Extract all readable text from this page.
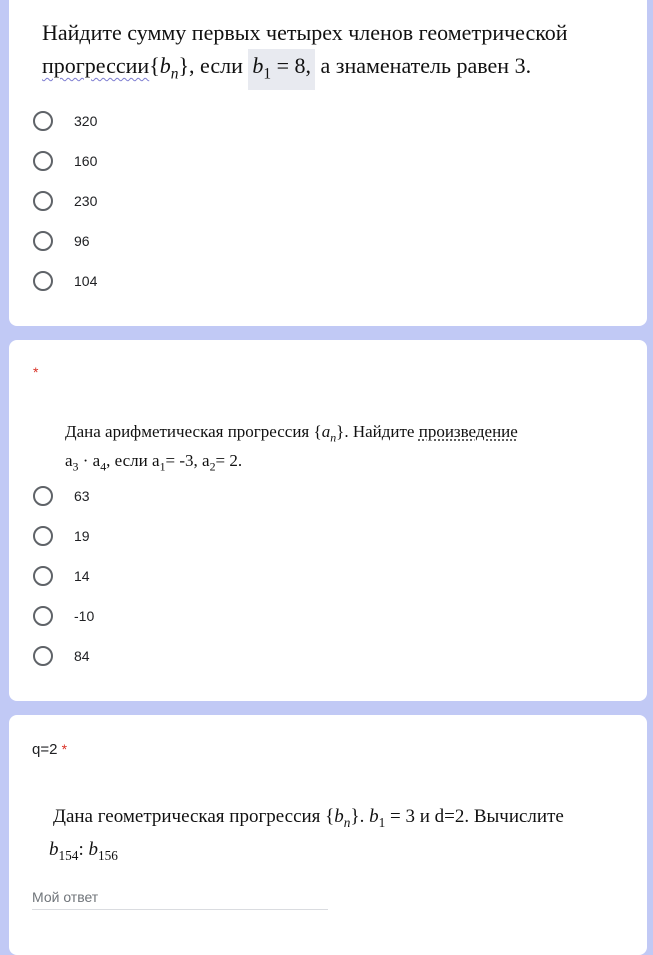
Найдите сумму первых четырех членов геометрической
$прогрессии\{b_n\}$, если $b_1 = 8$, а знаменатель равен 3.
320
160
230
96
104
*
Дана арифметическая прогрессия $\{a_n\}$. Найдите произведение
$a_3 \cdot a_4$, если $a_1= -3$, $a_2= 2$.
63
19
14
-10
84
q=2 *
Дана геометрическая прогрессия $\{b_n\}$. $b_1 = 3$ и d=2. Вычислите
$b_{154}$: $b_{156}$
Мой ответ
